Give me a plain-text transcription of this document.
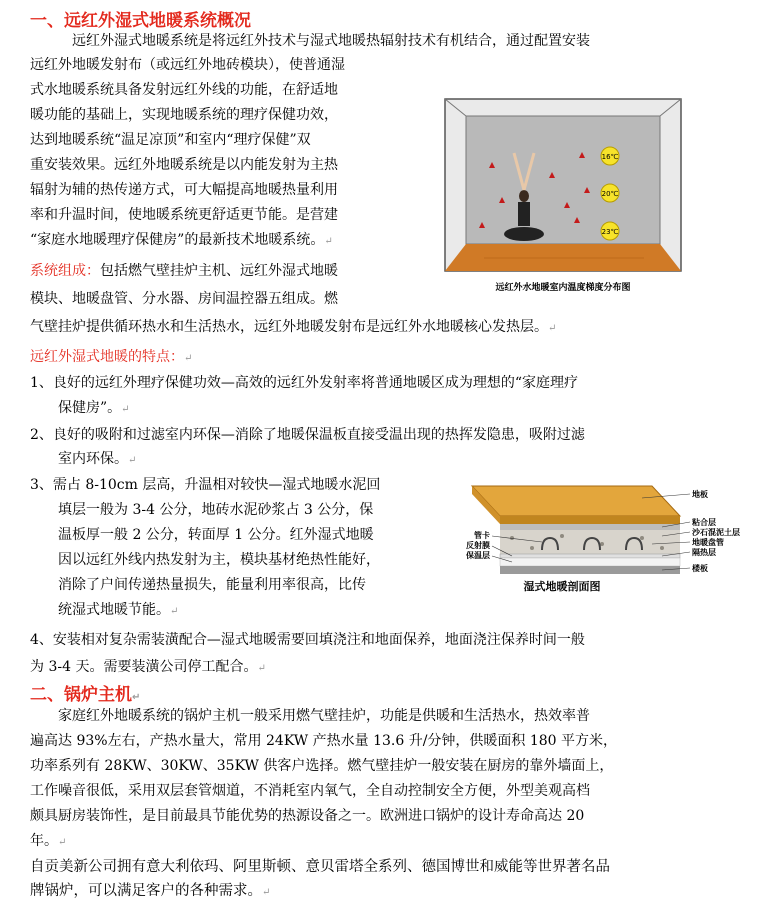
一、远红外湿式地暖系统概况
远红外湿式地暖系统是将远红外技术与湿式地暖热辐射技术有机结合，通过配置安装
远红外地暖发射布（或远红外地砖模块），使普通湿
式水地暖系统具备发射远红外线的功能，在舒适地
暖功能的基础上，实现地暖系统的理疗保健功效，
达到地暖系统“温足凉顶”和室内“理疗保健”双
重安装效果。远红外地暖系统是以内能发射为主热
辐射为辅的热传递方式，可大幅提高地暖热量利用
率和升温时间，使地暖系统更舒适更节能。是营建
“家庭水地暖理疗保健房”的最新技术地暖系统。↵
16℃
20℃
23℃
远红外水地暖室内温度梯度分布图
系统组成：包括燃气壁挂炉主机、远红外湿式地暖
模块、地暖盘管、分水器、房间温控器五组成。燃
气壁挂炉提供循环热水和生活热水，远红外地暖发射布是远红外水地暖核心发热层。↵
远红外湿式地暖的特点：↵
1、良好的远红外理疗保健功效—高效的远红外发射率将普通地暖区成为理想的“家庭理疗
保健房”。↵
2、良好的吸附和过滤室内环保—消除了地暖保温板直接受温出现的热挥发隐患，吸附过滤
室内环保。↵
3、需占 8-10cm 层高，升温相对较快—湿式地暖水泥回
填层一般为 3-4 公分，地砖水泥砂浆占 3 公分，保
温板厚一般 2 公分，转面厚 1 公分。红外湿式地暖
因以远红外线内热发射为主，模块基材绝热性能好，
消除了户间传递热量损失，能量利用率很高，比传
统湿式地暖节能。↵
地板
粘合层
沙石混泥土层
地暖盘管
隔热层
楼板
管卡
反射膜
保温层
湿式地暖剖面图
4、安装相对复杂需装潢配合—湿式地暖需要回填浇注和地面保养，地面浇注保养时间一般
为 3-4 天。需要装潢公司停工配合。↵
二、锅炉主机↵
家庭红外地暖系统的锅炉主机一般采用燃气壁挂炉，功能是供暖和生活热水，热效率普
遍高达 93%左右，产热水量大，常用 24KW 产热水量 13.6 升/分钟，供暖面积 180 平方米，
功率系列有 28KW、30KW、35KW 供客户选择。燃气壁挂炉一般安装在厨房的靠外墙面上，
工作噪音很低，采用双层套管烟道，不消耗室内氧气，全自动控制安全方便，外型美观高档
颇具厨房装饰性，是目前最具节能优势的热源设备之一。欧洲进口锅炉的设计寿命高达 20
年。↵
自贡美新公司拥有意大利依玛、阿里斯顿、意贝雷塔全系列、德国博世和威能等世界著名品
牌锅炉，可以满足客户的各种需求。↵
